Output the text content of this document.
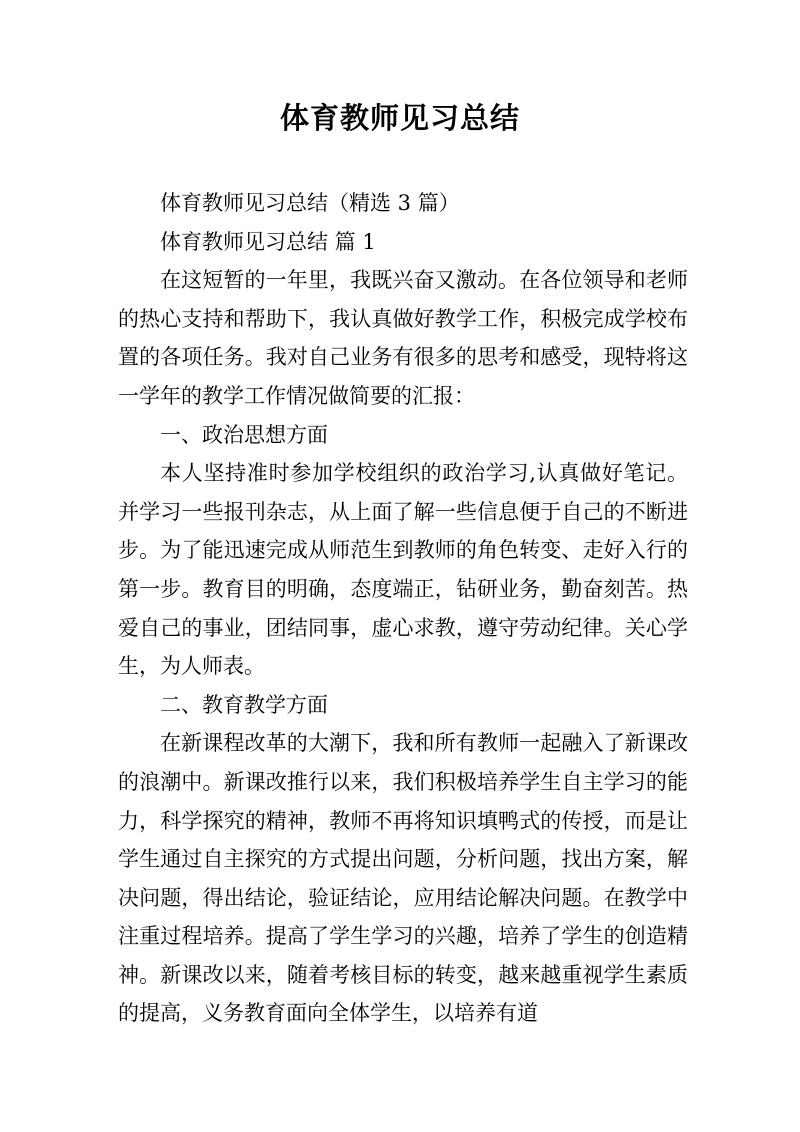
体育教师见习总结

体育教师见习总结（精选 3 篇）

体育教师见习总结 篇 1

在这短暂的一年里，我既兴奋又激动。在各位领导和老师的热心支持和帮助下，我认真做好教学工作，积极完成学校布置的各项任务。我对自己业务有很多的思考和感受，现特将这一学年的教学工作情况做简要的汇报：

一、政治思想方面

本人坚持准时参加学校组织的政治学习,认真做好笔记。并学习一些报刊杂志，从上面了解一些信息便于自己的不断进步。为了能迅速完成从师范生到教师的角色转变、走好入行的第一步。教育目的明确，态度端正，钻研业务，勤奋刻苦。热爱自己的事业，团结同事，虚心求教，遵守劳动纪律。关心学生，为人师表。

二、教育教学方面

在新课程改革的大潮下，我和所有教师一起融入了新课改的浪潮中。新课改推行以来，我们积极培养学生自主学习的能力，科学探究的精神，教师不再将知识填鸭式的传授，而是让学生通过自主探究的方式提出问题，分析问题，找出方案，解决问题，得出结论，验证结论，应用结论解决问题。在教学中注重过程培养。提高了学生学习的兴趣，培养了学生的创造精神。新课改以来，随着考核目标的转变，越来越重视学生素质的提高，义务教育面向全体学生，以培养有道
